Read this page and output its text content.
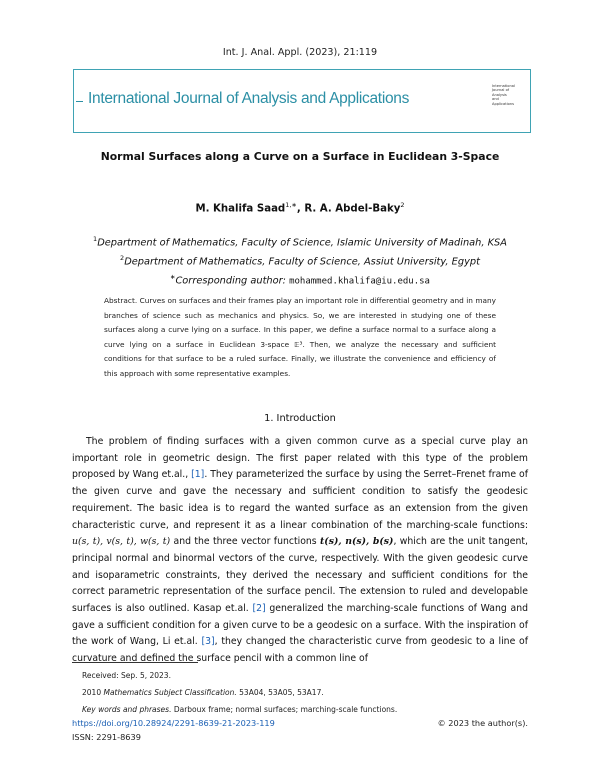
Int. J. Anal. Appl. (2023), 21:119
International Journal of Analysis and Applications
International
Journal of Analysis
and Applications
Normal Surfaces along a Curve on a Surface in Euclidean 3-Space
M. Khalifa Saad$^{1,∗}$, R. A. Abdel-Baky$^2$
$^1$Department of Mathematics, Faculty of Science, Islamic University of Madinah, KSA
$^2$Department of Mathematics, Faculty of Science, Assiut University, Egypt
∗Corresponding author: mohammed.khalifa@iu.edu.sa
Abstract. Curves on surfaces and their frames play an important role in differential geometry and in many branches of science such as mechanics and physics. So, we are interested in studying one of these surfaces along a curve lying on a surface. In this paper, we define a surface normal to a surface along a curve lying on a surface in Euclidean 3-space 𝔼³. Then, we analyze the necessary and sufficient conditions for that surface to be a ruled surface. Finally, we illustrate the convenience and efficiency of this approach with some representative examples.
1. Introduction

The problem of finding surfaces with a given common curve as a special curve play an important role in geometric design. The first paper related with this type of the problem proposed by Wang et.al., [1]. They parameterized the surface by using the Serret–Frenet frame of the given curve and gave the necessary and sufficient condition to satisfy the geodesic requirement. The basic idea is to regard the wanted surface as an extension from the given characteristic curve, and represent it as a linear combination of the marching-scale functions: u(s, t), v(s, t), w(s, t) and the three vector functions t(s), n(s), b(s), which are the unit tangent, principal normal and binormal vectors of the curve, respectively. With the given geodesic curve and isoparametric constraints, they derived the necessary and sufficient conditions for the correct parametric representation of the surface pencil. The extension to ruled and developable surfaces is also outlined. Kasap et.al. [2] generalized the marching-scale functions of Wang and gave a sufficient condition for a given curve to be a geodesic on a surface. With the inspiration of the work of Wang, Li et.al. [3], they changed the characteristic curve from geodesic to a line of curvature and defined the surface pencil with a common line of

Received: Sep. 5, 2023.
2010 Mathematics Subject Classification. 53A04, 53A05, 53A17.
Key words and phrases. Darboux frame; normal surfaces; marching-scale functions.
https://doi.org/10.28924/2291-8639-21-2023-119
ISSN: 2291-8639
© 2023 the author(s).
